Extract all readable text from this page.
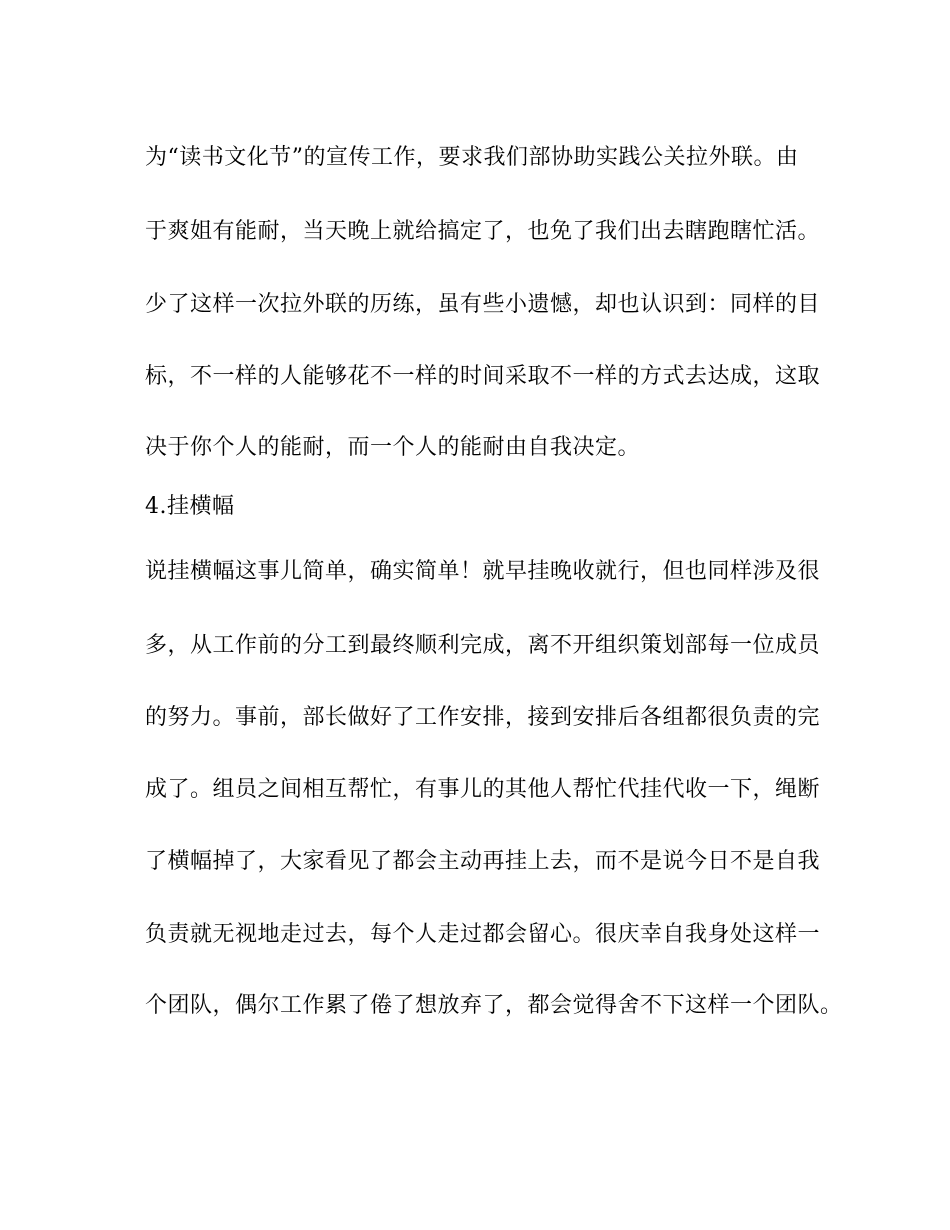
为“读书文化节”的宣传工作，要求我们部协助实践公关拉外联。由
于爽姐有能耐，当天晚上就给搞定了，也免了我们出去瞎跑瞎忙活。
少了这样一次拉外联的历练，虽有些小遗憾，却也认识到：同样的目
标，不一样的人能够花不一样的时间采取不一样的方式去达成，这取
决于你个人的能耐，而一个人的能耐由自我决定。
4.挂横幅
说挂横幅这事儿简单，确实简单！就早挂晚收就行，但也同样涉及很
多，从工作前的分工到最终顺利完成，离不开组织策划部每一位成员
的努力。事前，部长做好了工作安排，接到安排后各组都很负责的完
成了。组员之间相互帮忙，有事儿的其他人帮忙代挂代收一下，绳断
了横幅掉了，大家看见了都会主动再挂上去，而不是说今日不是自我
负责就无视地走过去，每个人走过都会留心。很庆幸自我身处这样一
个团队，偶尔工作累了倦了想放弃了，都会觉得舍不下这样一个团队。
